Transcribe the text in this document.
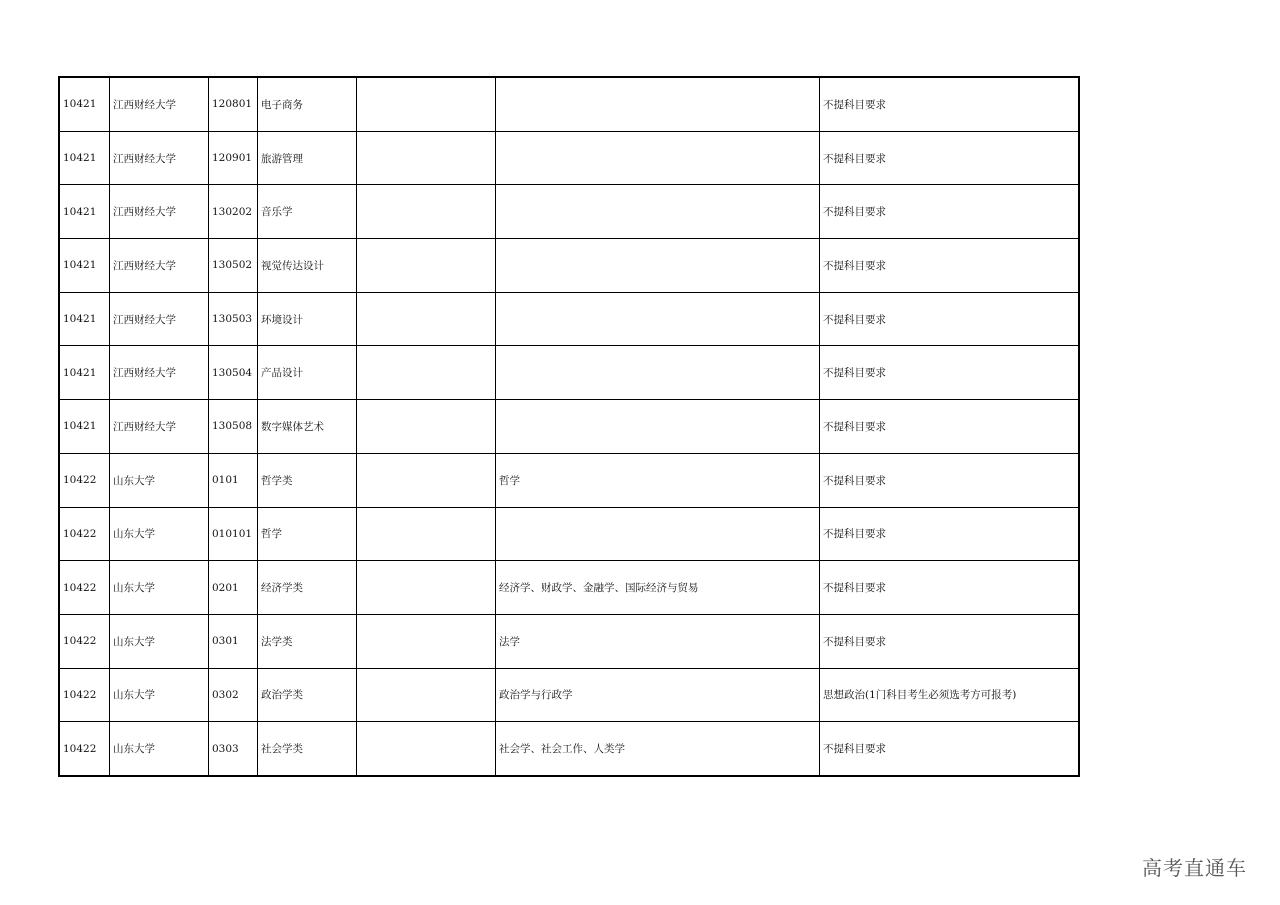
10421	江西财经大学	120801	电子商务			不提科目要求
10421	江西财经大学	120901	旅游管理			不提科目要求
10421	江西财经大学	130202	音乐学			不提科目要求
10421	江西财经大学	130502	视觉传达设计			不提科目要求
10421	江西财经大学	130503	环境设计			不提科目要求
10421	江西财经大学	130504	产品设计			不提科目要求
10421	江西财经大学	130508	数字媒体艺术			不提科目要求
10422	山东大学	0101	哲学类		哲学	不提科目要求
10422	山东大学	010101	哲学			不提科目要求
10422	山东大学	0201	经济学类		经济学、财政学、金融学、国际经济与贸易	不提科目要求
10422	山东大学	0301	法学类		法学	不提科目要求
10422	山东大学	0302	政治学类		政治学与行政学	思想政治(1门科目考生必须选考方可报考)
10422	山东大学	0303	社会学类		社会学、社会工作、人类学	不提科目要求
高考直通车
